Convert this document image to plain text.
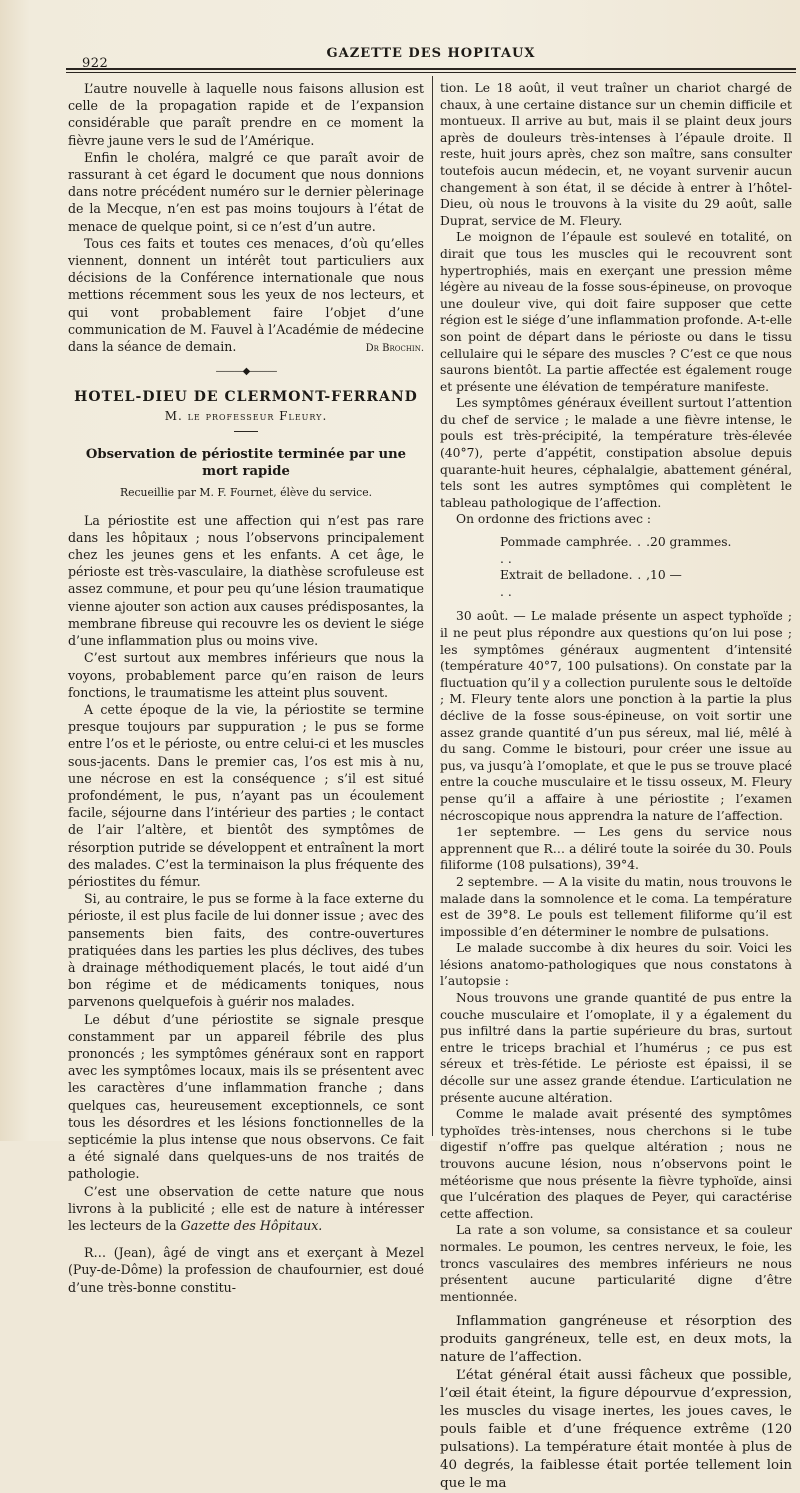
922
GAZETTE DES HOPITAUX

L’autre nouvelle à laquelle nous faisons allusion est celle de la propagation rapide et de l’expansion considérable que paraît prendre en ce moment la fièvre jaune vers le sud de l’Amérique.

Enfin le choléra, malgré ce que paraît avoir de rassurant à cet égard le document que nous donnions dans notre précédent numéro sur le dernier pèlerinage de la Mecque, n’en est pas moins toujours à l’état de menace de quelque point, si ce n’est d’un autre.

Tous ces faits et toutes ces menaces, d’où qu’elles viennent, donnent un intérêt tout particuliers aux décisions de la Conférence internationale que nous mettions récemment sous les yeux de nos lecteurs, et qui vont probablement faire l’objet d’une communication de M. Fauvel à l’Académie de médecine dans la séance de demain.	Dr Brochin.

———◆———
HOTEL-DIEU DE CLERMONT-FERRAND
M. le professeur Fleury.
Observation de périostite terminée par une mort rapide
Recueillie par M. F. Fournet, élève du service.

La périostite est une affection qui n’est pas rare dans les hôpitaux ; nous l’observons principalement chez les jeunes gens et les enfants. A cet âge, le périoste est très-vasculaire, la diathèse scrofuleuse est assez commune, et pour peu qu’une lésion traumatique vienne ajouter son action aux causes prédisposantes, la membrane fibreuse qui recouvre les os devient le siége d’une inflammation plus ou moins vive.

C’est surtout aux membres inférieurs que nous la voyons, probablement parce qu’en raison de leurs fonctions, le traumatisme les atteint plus souvent.

A cette époque de la vie, la périostite se termine presque toujours par suppuration ; le pus se forme entre l’os et le périoste, ou entre celui-ci et les muscles sous-jacents. Dans le premier cas, l’os est mis à nu, une nécrose en est la conséquence ; s’il est situé profondément, le pus, n’ayant pas un écoulement facile, séjourne dans l’intérieur des parties ; le contact de l’air l’altère, et bientôt des symptômes de résorption putride se développent et entraînent la mort des malades. C’est la terminaison la plus fréquente des périostites du fémur.

Si, au contraire, le pus se forme à la face externe du périoste, il est plus facile de lui donner issue ; avec des pansements bien faits, des contre-ouvertures pratiquées dans les parties les plus déclives, des tubes à drainage méthodiquement placés, le tout aidé d’un bon régime et de médicaments toniques, nous parvenons quelquefois à guérir nos malades.

Le début d’une périostite se signale presque constamment par un appareil fébrile des plus prononcés ; les symptômes généraux sont en rapport avec les symptômes locaux, mais ils se présentent avec les caractères d’une inflammation franche ; dans quelques cas, heureusement exceptionnels, ce sont tous les désordres et les lésions fonctionnelles de la septicémie la plus intense que nous observons. Ce fait a été signalé dans quelques-uns de nos traités de pathologie.

C’est une observation de cette nature que nous livrons à la publicité ; elle est de nature à intéresser les lecteurs de la Gazette des Hôpitaux.

R… (Jean), âgé de vingt ans et exerçant à Mezel (Puy-de-Dôme) la profession de chaufournier, est doué d’une très-bonne constitu-

tion. Le 18 août, il veut traîner un chariot chargé de chaux, à une certaine distance sur un chemin difficile et montueux. Il arrive au but, mais il se plaint deux jours après de douleurs très-intenses à l’épaule droite. Il reste, huit jours après, chez son maître, sans consulter toutefois aucun médecin, et, ne voyant survenir aucun changement à son état, il se décide à entrer à l’hôtel-Dieu, où nous le trouvons à la visite du 29 août, salle Duprat, service de M. Fleury.

Le moignon de l’épaule est soulevé en totalité, on dirait que tous les muscles qui le recouvrent sont hypertrophiés, mais en exerçant une pression même légère au niveau de la fosse sous-épineuse, on provoque une douleur vive, qui doit faire supposer que cette région est le siége d’une inflammation profonde. A-t-elle son point de départ dans le périoste ou dans le tissu cellulaire qui le sépare des muscles ? C’est ce que nous saurons bientôt. La partie affectée est également rouge et présente une élévation de température manifeste.

Les symptômes généraux éveillent surtout l’attention du chef de service ; le malade a une fièvre intense, le pouls est très-précipité, la température très-élevée (40°7), perte d’appétit, constipation absolue depuis quarante-huit heures, céphalalgie, abattement général, tels sont les autres symptômes qui complètent le tableau pathologique de l’affection.

On ordonne des frictions avec :

Pommade camphrée. . . . .
20 grammes.
Extrait de belladone. . , . .
10 —

30 août. — Le malade présente un aspect typhoïde ; il ne peut plus répondre aux questions qu’on lui pose ; les symptômes généraux augmentent d’intensité (température 40°7, 100 pulsations). On constate par la fluctuation qu’il y a collection purulente sous le deltoïde ; M. Fleury tente alors une ponction à la partie la plus déclive de la fosse sous-épineuse, on voit sortir une assez grande quantité d’un pus séreux, mal lié, mêlé à du sang. Comme le bistouri, pour créer une issue au pus, va jusqu’à l’omoplate, et que le pus se trouve placé entre la couche musculaire et le tissu osseux, M. Fleury pense qu’il a affaire à une périostite ; l’examen nécroscopique nous apprendra la nature de l’affection.

1er septembre. — Les gens du service nous apprennent que R… a déliré toute la soirée du 30. Pouls filiforme (108 pulsations), 39°4.

2 septembre. — A la visite du matin, nous trouvons le malade dans la somnolence et le coma. La température est de 39°8. Le pouls est tellement filiforme qu’il est impossible d’en déterminer le nombre de pulsations.

Le malade succombe à dix heures du soir. Voici les lésions anatomo-pathologiques que nous constatons à l’autopsie :

Nous trouvons une grande quantité de pus entre la couche musculaire et l’omoplate, il y a également du pus infiltré dans la partie supérieure du bras, surtout entre le triceps brachial et l’humérus ; ce pus est séreux et très-fétide. Le périoste est épaissi, il se décolle sur une assez grande étendue. L’articulation ne présente aucune altération.

Comme le malade avait présenté des symptômes typhoïdes très-intenses, nous cherchons si le tube digestif n’offre pas quelque altération ; nous ne trouvons aucune lésion, nous n’observons point le météorisme que nous présente la fièvre typhoïde, ainsi que l’ulcération des plaques de Peyer, qui caractérise cette affection.

La rate a son volume, sa consistance et sa couleur normales. Le poumon, les centres nerveux, le foie, les troncs vasculaires des membres inférieurs ne nous présentent aucune particularité digne d’être mentionnée.

Inflammation gangréneuse et résorption des produits gangréneux, telle est, en deux mots, la nature de l’affection.

L’état général était aussi fâcheux que possible, l’œil était éteint, la figure dépourvue d’expression, les muscles du visage inertes, les joues caves, le pouls faible et d’une fréquence extrême (120 pulsations). La température était montée à plus de 40 degrés, la faiblesse était portée tellement loin que le ma
